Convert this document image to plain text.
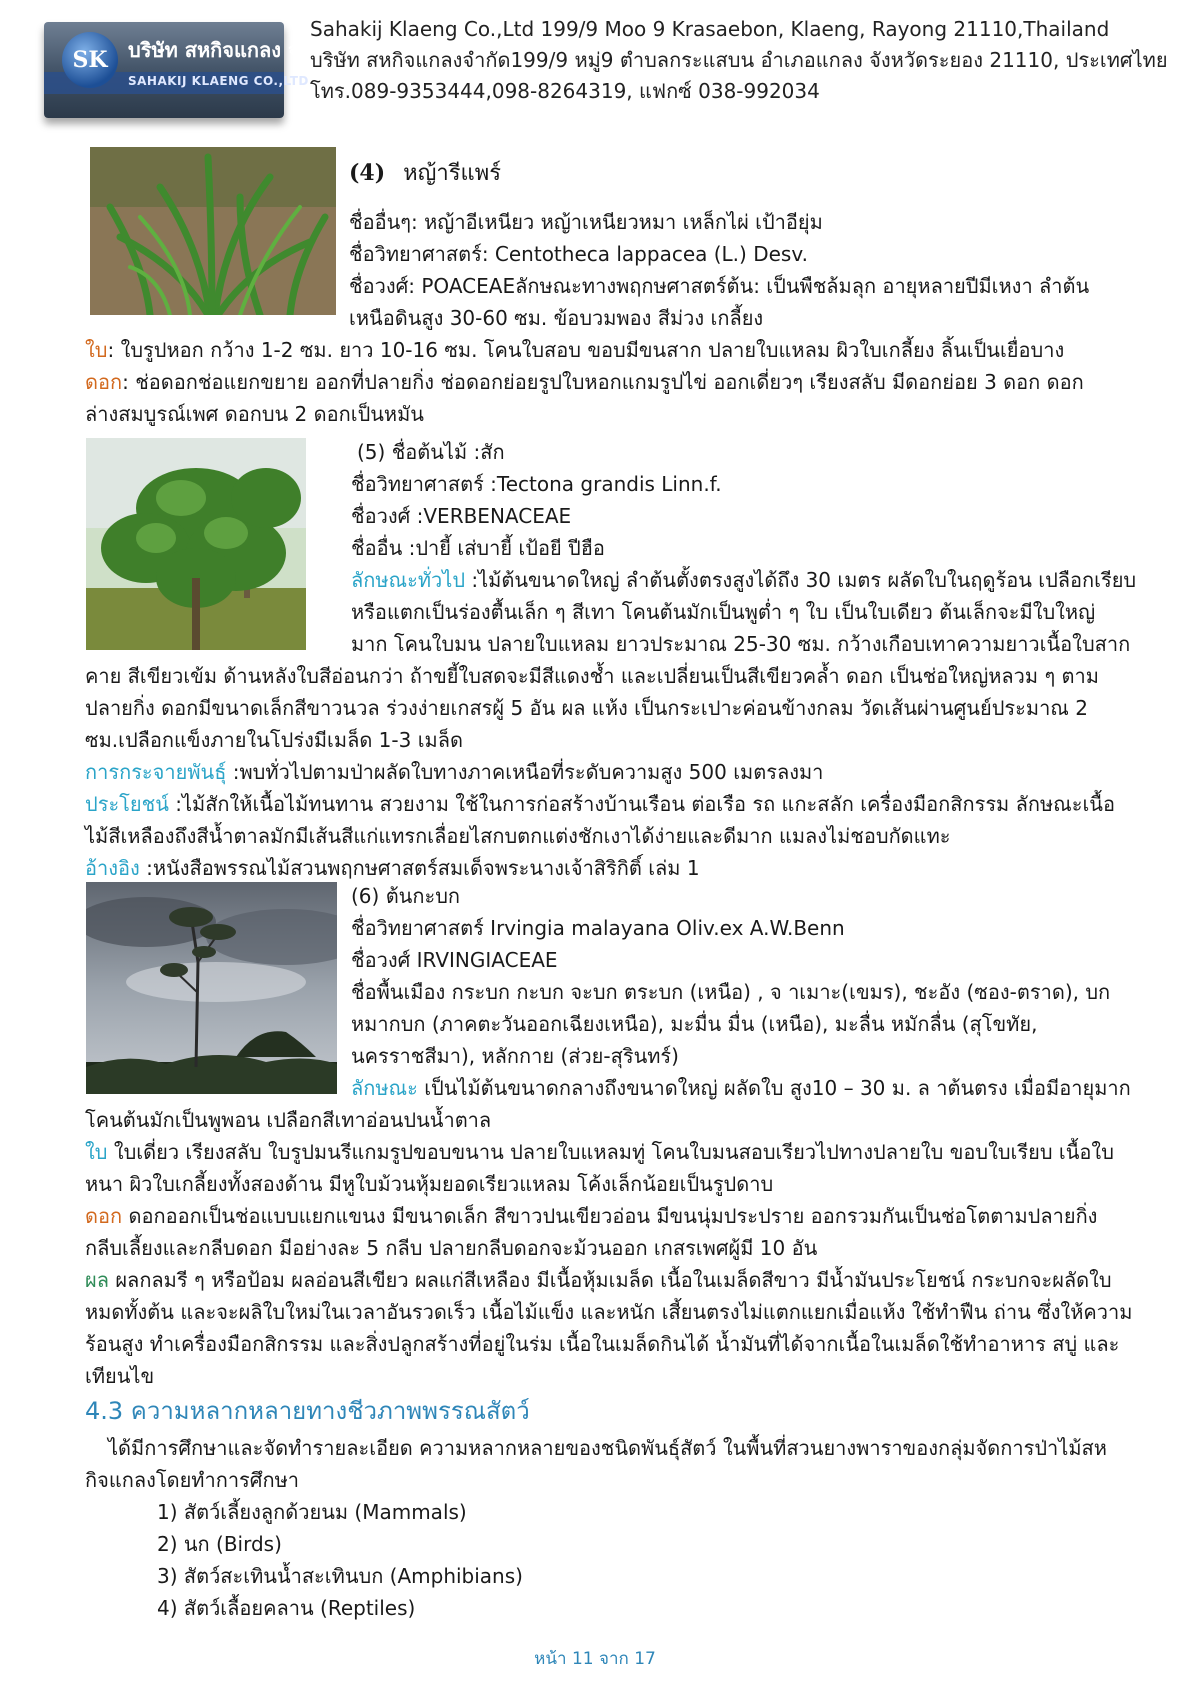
SK	บริษัท สหกิจแกลง จำกัด
SAHAKIJ KLAENG CO.,LTD
Sahakij Klaeng Co.,Ltd 199/9 Moo 9 Krasaebon, Klaeng, Rayong 21110,Thailand
บริษัท สหกิจแกลงจำกัด199/9 หมู่9 ตำบลกระแสบน อำเภอแกลง จังหวัดระยอง 21110, ประเทศไทย
โทร.089-9353444,098-8264319, แฟกซ์ 038-992034
(4) หญ้ารีแพร์
ชื่ออื่นๆ: หญ้าอีเหนียว หญ้าเหนียวหมา เหล็กไผ่ เป้าอียุ่ม
ชื่อวิทยาศาสตร์: Centotheca lappacea (L.) Desv.
ชื่อวงศ์: POACEAEลักษณะทางพฤกษศาสตร์ต้น: เป็นพืชล้มลุก อายุหลายปีมีเหงา ลำต้น
เหนือดินสูง 30-60 ซม. ข้อบวมพอง สีม่วง เกลี้ยง
ใบ: ใบรูปหอก กว้าง 1-2 ซม. ยาว 10-16 ซม. โคนใบสอบ ขอบมีขนสาก ปลายใบแหลม ผิวใบเกลี้ยง ลิ้นเป็นเยื่อบาง
ดอก: ช่อดอกช่อแยกขยาย ออกที่ปลายกิ่ง ช่อดอกย่อยรูปใบหอกแกมรูปไข่ ออกเดี่ยวๆ เรียงสลับ มีดอกย่อย 3 ดอก ดอก
ล่างสมบูรณ์เพศ ดอกบน 2 ดอกเป็นหมัน
(5) ชื่อต้นไม้ :สัก
ชื่อวิทยาศาสตร์ :Tectona grandis Linn.f.
ชื่อวงศ์ :VERBENACEAE
ชื่ออื่น :ปายี้ เส่บายี้ เป้อยี ปีฮือ
ลักษณะทั่วไป :ไม้ต้นขนาดใหญ่ ลำต้นตั้งตรงสูงได้ถึง 30 เมตร ผลัดใบในฤดูร้อน เปลือกเรียบ
หรือแตกเป็นร่องตื้นเล็ก ๆ สีเทา โคนต้นมักเป็นพูต่ำ ๆ ใบ เป็นใบเดียว ต้นเล็กจะมีใบใหญ่
มาก โคนใบมน ปลายใบแหลม ยาวประมาณ 25-30 ซม. กว้างเกือบเทาความยาวเนื้อใบสาก
คาย สีเขียวเข้ม ด้านหลังใบสีอ่อนกว่า ถ้าขยี้ใบสดจะมีสีแดงช้ำ และเปลี่ยนเป็นสีเขียวคล้ำ ดอก เป็นช่อใหญ่หลวม ๆ ตาม
ปลายกิ่ง ดอกมีขนาดเล็กสีขาวนวล ร่วงง่ายเกสรผู้ 5 อัน ผล แห้ง เป็นกระเปาะค่อนข้างกลม วัดเส้นผ่านศูนย์ประมาณ 2
ซม.เปลือกแข็งภายในโปร่งมีเมล็ด 1-3 เมล็ด
การกระจายพันธุ์ :พบทั่วไปตามป่าผลัดใบทางภาคเหนือที่ระดับความสูง 500 เมตรลงมา
ประโยชน์ :ไม้สักให้เนื้อไม้ทนทาน สวยงาม ใช้ในการก่อสร้างบ้านเรือน ต่อเรือ รถ แกะสลัก เครื่องมือกสิกรรม ลักษณะเนื้อ
ไม้สีเหลืองถึงสีน้ำตาลมักมีเส้นสีแก่แทรกเลื่อยไสกบตกแต่งชักเงาได้ง่ายและดีมาก แมลงไม่ชอบกัดแทะ
อ้างอิง :หนังสือพรรณไม้สวนพฤกษศาสตร์สมเด็จพระนางเจ้าสิริกิติ์ เล่ม 1
(6) ต้นกะบก
ชื่อวิทยาศาสตร์ Irvingia malayana Oliv.ex A.W.Benn
ชื่อวงศ์ IRVINGIACEAE
ชื่อพื้นเมือง กระบก กะบก จะบก ตระบก (เหนือ) , จ าเมาะ(เขมร), ชะอัง (ซอง-ตราด), บก
หมากบก (ภาคตะวันออกเฉียงเหนือ), มะมื่น มื่น (เหนือ), มะลื่น หมักลื่น (สุโขทัย,
นครราชสีมา), หลักกาย (ส่วย-สุรินทร์)
ลักษณะ เป็นไม้ต้นขนาดกลางถึงขนาดใหญ่ ผลัดใบ สูง10 – 30 ม. ล าต้นตรง เมื่อมีอายุมาก
โคนต้นมักเป็นพูพอน เปลือกสีเทาอ่อนปนน้ำตาล
ใบ ใบเดี่ยว เรียงสลับ ใบรูปมนรีแกมรูปขอบขนาน ปลายใบแหลมทู่ โคนใบมนสอบเรียวไปทางปลายใบ ขอบใบเรียบ เนื้อใบ
หนา ผิวใบเกลี้ยงทั้งสองด้าน มีหูใบม้วนหุ้มยอดเรียวแหลม โค้งเล็กน้อยเป็นรูปดาบ
ดอก ดอกออกเป็นช่อแบบแยกแขนง มีขนาดเล็ก สีขาวปนเขียวอ่อน มีขนนุ่มประปราย ออกรวมกันเป็นช่อโตตามปลายกิ่ง
กลีบเลี้ยงและกลีบดอก มีอย่างละ 5 กลีบ ปลายกลีบดอกจะม้วนออก เกสรเพศผู้มี 10 อัน
ผล ผลกลมรี ๆ หรือป้อม ผลอ่อนสีเขียว ผลแก่สีเหลือง มีเนื้อหุ้มเมล็ด เนื้อในเมล็ดสีขาว มีน้ำมันประโยชน์ กระบกจะผลัดใบ
หมดทั้งต้น และจะผลิใบใหม่ในเวลาอันรวดเร็ว เนื้อไม้แข็ง และหนัก เสี้ยนตรงไม่แตกแยกเมื่อแห้ง ใช้ทำฟืน ถ่าน ซึ่งให้ความ
ร้อนสูง ทำเครื่องมือกสิกรรม และสิ่งปลูกสร้างที่อยู่ในร่ม เนื้อในเมล็ดกินได้ น้ำมันที่ได้จากเนื้อในเมล็ดใช้ทำอาหาร สบู่ และ
เทียนไข
4.3 ความหลากหลายทางชีวภาพพรรณสัตว์
ได้มีการศึกษาและจัดทำรายละเอียด ความหลากหลายของชนิดพันธุ์สัตว์ ในพื้นที่สวนยางพาราของกลุ่มจัดการป่าไม้สห
กิจแกลงโดยทำการศึกษา
1) สัตว์เลี้ยงลูกด้วยนม (Mammals)
2) นก (Birds)
3) สัตว์สะเทินน้ำสะเทินบก (Amphibians)
4) สัตว์เลื้อยคลาน (Reptiles)
หน้า 11 จาก 17
